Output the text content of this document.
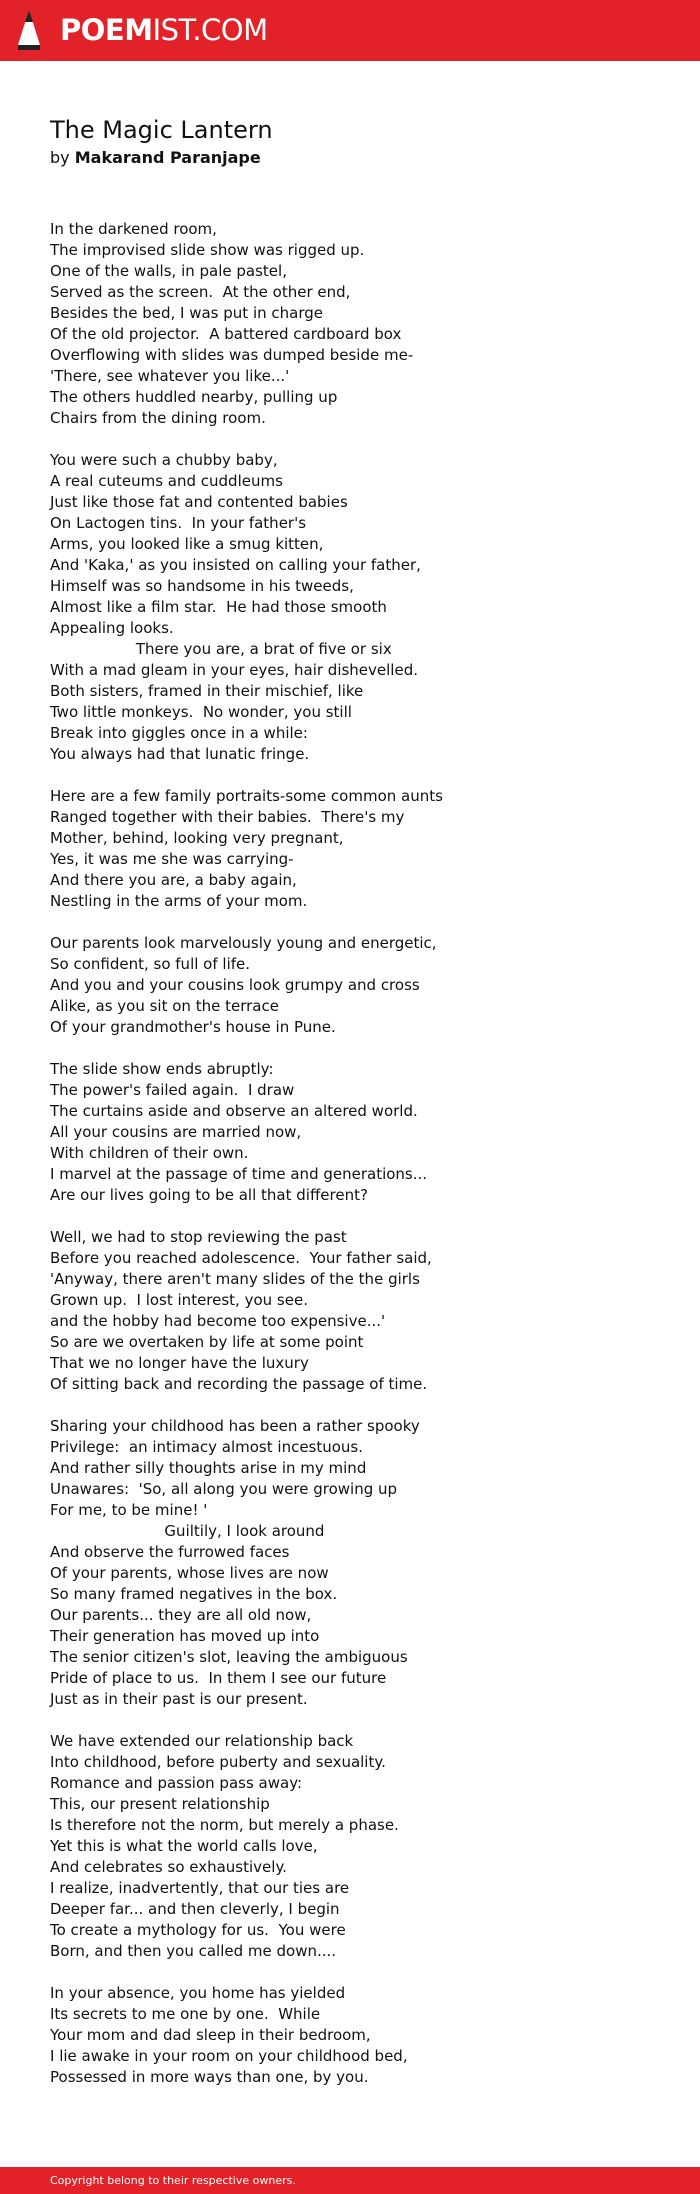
POEMIST.COM
The Magic Lantern
by Makarand Paranjape
In the darkened room,
The improvised slide show was rigged up.
One of the walls, in pale pastel,
Served as the screen.  At the other end,
Besides the bed, I was put in charge
Of the old projector.  A battered cardboard box
Overflowing with slides was dumped beside me-
'There, see whatever you like...'
The others huddled nearby, pulling up
Chairs from the dining room.
You were such a chubby baby,
A real cuteums and cuddleums
Just like those fat and contented babies
On Lactogen tins.  In your father's
Arms, you looked like a smug kitten,
And 'Kaka,' as you insisted on calling your father,
Himself was so handsome in his tweeds,
Almost like a film star.  He had those smooth
Appealing looks.
There you are, a brat of five or six
With a mad gleam in your eyes, hair dishevelled.
Both sisters, framed in their mischief, like
Two little monkeys.  No wonder, you still
Break into giggles once in a while:
You always had that lunatic fringe.
Here are a few family portraits-some common aunts
Ranged together with their babies.  There's my
Mother, behind, looking very pregnant,
Yes, it was me she was carrying-
And there you are, a baby again,
Nestling in the arms of your mom.
Our parents look marvelously young and energetic,
So confident, so full of life.
And you and your cousins look grumpy and cross
Alike, as you sit on the terrace
Of your grandmother's house in Pune.
The slide show ends abruptly:
The power's failed again.  I draw
The curtains aside and observe an altered world.
All your cousins are married now,
With children of their own.
I marvel at the passage of time and generations...
Are our lives going to be all that different?
Well, we had to stop reviewing the past
Before you reached adolescence.  Your father said,
'Anyway, there aren't many slides of the the girls
Grown up.  I lost interest, you see.
and the hobby had become too expensive...'
So are we overtaken by life at some point
That we no longer have the luxury
Of sitting back and recording the passage of time.
Sharing your childhood has been a rather spooky
Privilege:  an intimacy almost incestuous.
And rather silly thoughts arise in my mind
Unawares:  'So, all along you were growing up
For me, to be mine! '
Guiltily, I look around
And observe the furrowed faces
Of your parents, whose lives are now
So many framed negatives in the box.
Our parents... they are all old now,
Their generation has moved up into
The senior citizen's slot, leaving the ambiguous
Pride of place to us.  In them I see our future
Just as in their past is our present.
We have extended our relationship back
Into childhood, before puberty and sexuality.
Romance and passion pass away:
This, our present relationship
Is therefore not the norm, but merely a phase.
Yet this is what the world calls love,
And celebrates so exhaustively.
I realize, inadvertently, that our ties are
Deeper far... and then cleverly, I begin
To create a mythology for us.  You were
Born, and then you called me down....
In your absence, you home has yielded
Its secrets to me one by one.  While
Your mom and dad sleep in their bedroom,
I lie awake in your room on your childhood bed,
Possessed in more ways than one, by you.
Copyright belong to their respective owners.
